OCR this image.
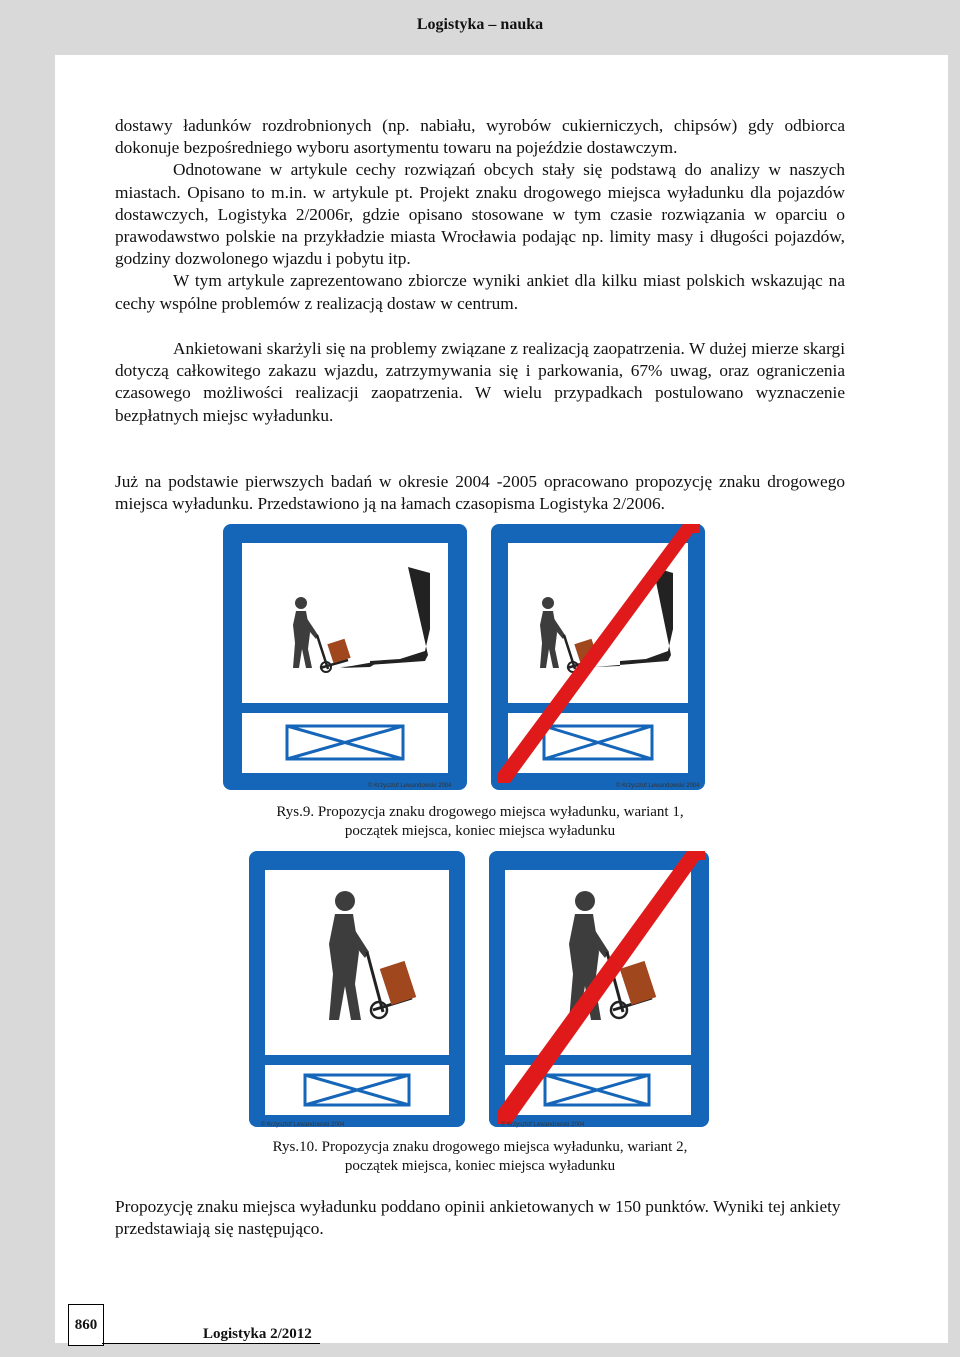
Logistyka – nauka

dostawy ładunków rozdrobnionych (np. nabiału, wyrobów cukierniczych, chipsów) gdy odbiorca dokonuje bezpośredniego wyboru asortymentu towaru na pojeździe dostawczym.

Odnotowane w artykule cechy rozwiązań obcych stały się podstawą do analizy w naszych miastach. Opisano to m.in. w artykule pt. Projekt znaku drogowego miejsca wyładunku dla pojazdów dostawczych, Logistyka 2/2006r, gdzie opisano stosowane w tym czasie rozwiązania w oparciu o prawodawstwo polskie na przykładzie miasta Wrocławia podając np. limity masy i długości pojazdów, godziny dozwolonego wjazdu i pobytu itp.

W tym artykule zaprezentowano zbiorcze wyniki ankiet dla kilku miast polskich wskazując na cechy wspólne problemów z realizacją dostaw w centrum.

Ankietowani skarżyli się na problemy związane z realizacją zaopatrzenia. W dużej mierze skargi dotyczą całkowitego zakazu wjazdu, zatrzymywania się i parkowania, 67% uwag, oraz ograniczenia czasowego możliwości realizacji zaopatrzenia. W wielu przypadkach postulowano wyznaczenie bezpłatnych miejsc wyładunku.

Już na podstawie pierwszych badań w okresie 2004 -2005 opracowano propozycję znaku drogowego miejsca wyładunku. Przedstawiono ją na łamach czasopisma Logistyka 2/2006.

© Krzysztof Lewandowski 2004	© Krzysztof Lewandowski 2004
Rys.9. Propozycja znaku drogowego miejsca wyładunku, wariant 1,
początek miejsca, koniec miejsca wyładunku
© Krzysztof Lewandowski 2004	© Krzysztof Lewandowski 2004
Rys.10. Propozycja znaku drogowego miejsca wyładunku, wariant 2,
początek miejsca, koniec miejsca wyładunku

Propozycję znaku miejsca wyładunku poddano opinii ankietowanych w 150 punktów. Wyniki tej ankiety przedstawiają się następująco.

860
Logistyka 2/2012
